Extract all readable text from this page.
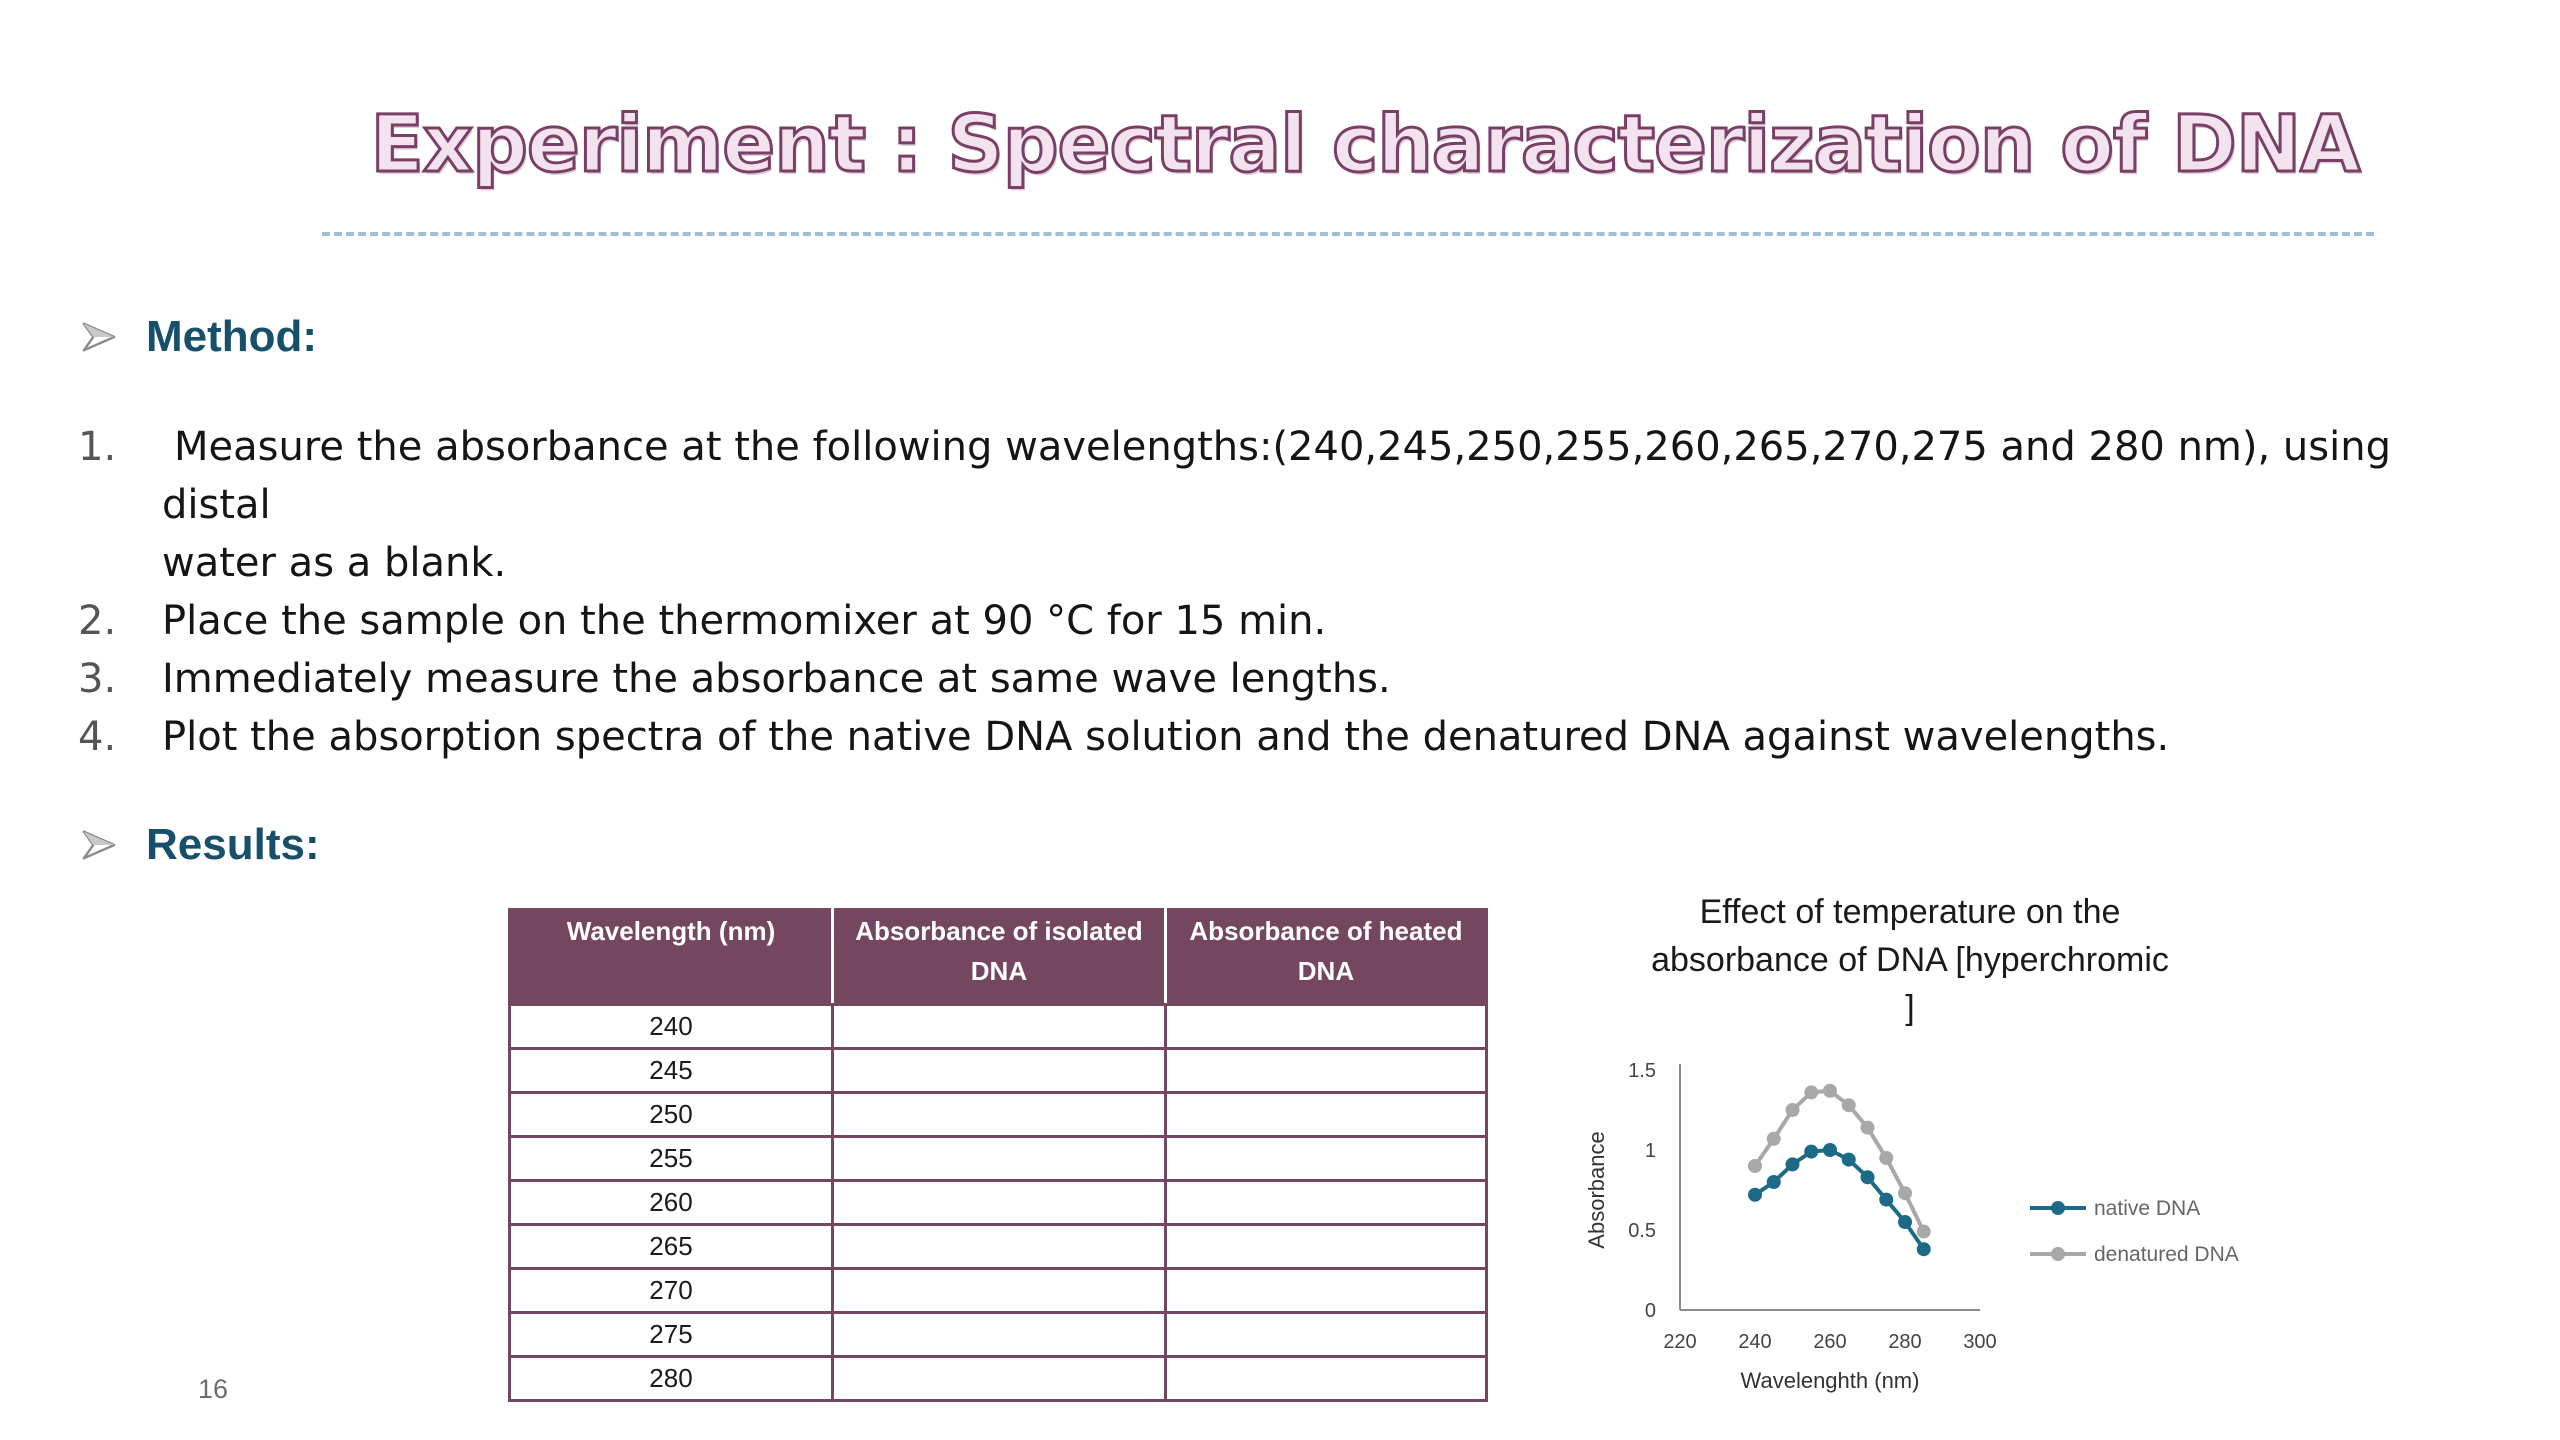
Experiment : Spectral characterization of DNA
Method:
1.	Measure the absorbance at the following wavelengths:(240,245,250,255,260,265,270,275 and 280 nm), using distal
water as a blank.
2.	Place the sample on the thermomixer at 90 °C for 15 min.
3.	Immediately measure the absorbance at same wave lengths.
4.	Plot the absorption spectra of the native DNA solution and the denatured DNA against wavelengths.
Results:
Wavelength (nm)	Absorbance of isolated DNA	Absorbance of heated DNA
240		
245		
250		
255		
260		
265		
270		
275		
280		
Effect of temperature on the
absorbance of DNA [hyperchromic
]
0
0.5
1
1.5
220 240 260 280 300
Wavelenghth (nm)
Absorbance	native DNA
denatured DNA
16
